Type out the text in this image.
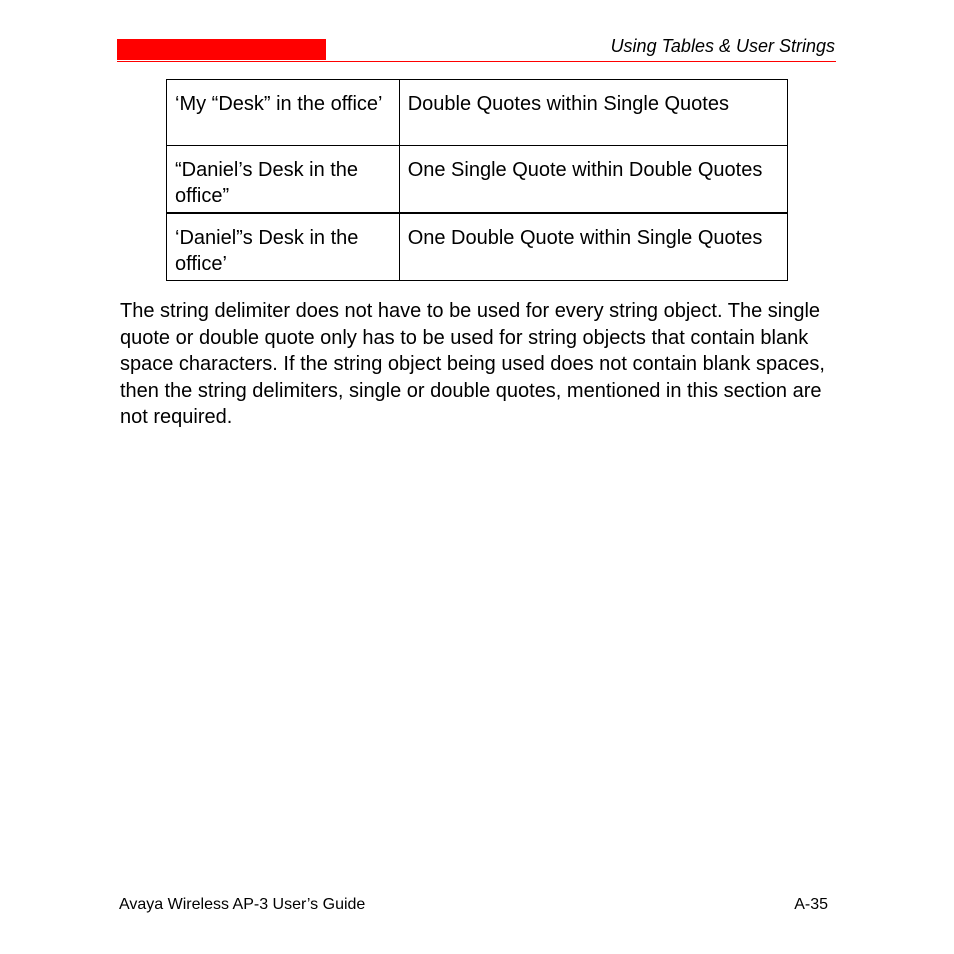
Using Tables & User Strings
‘My “Desk” in the office’	Double Quotes within Single Quotes
“Daniel’s Desk in the office”	One Single Quote within Double Quotes
‘Daniel”s Desk in the office’	One Double Quote within Single Quotes

The string delimiter does not have to be used for every string object. The single quote or double quote only has to be used for string objects that contain blank space characters. If the string object being used does not contain blank spaces, then the string delimiters, single or double quotes, mentioned in this section are not required.

Avaya Wireless AP-3 User’s Guide	A-35
